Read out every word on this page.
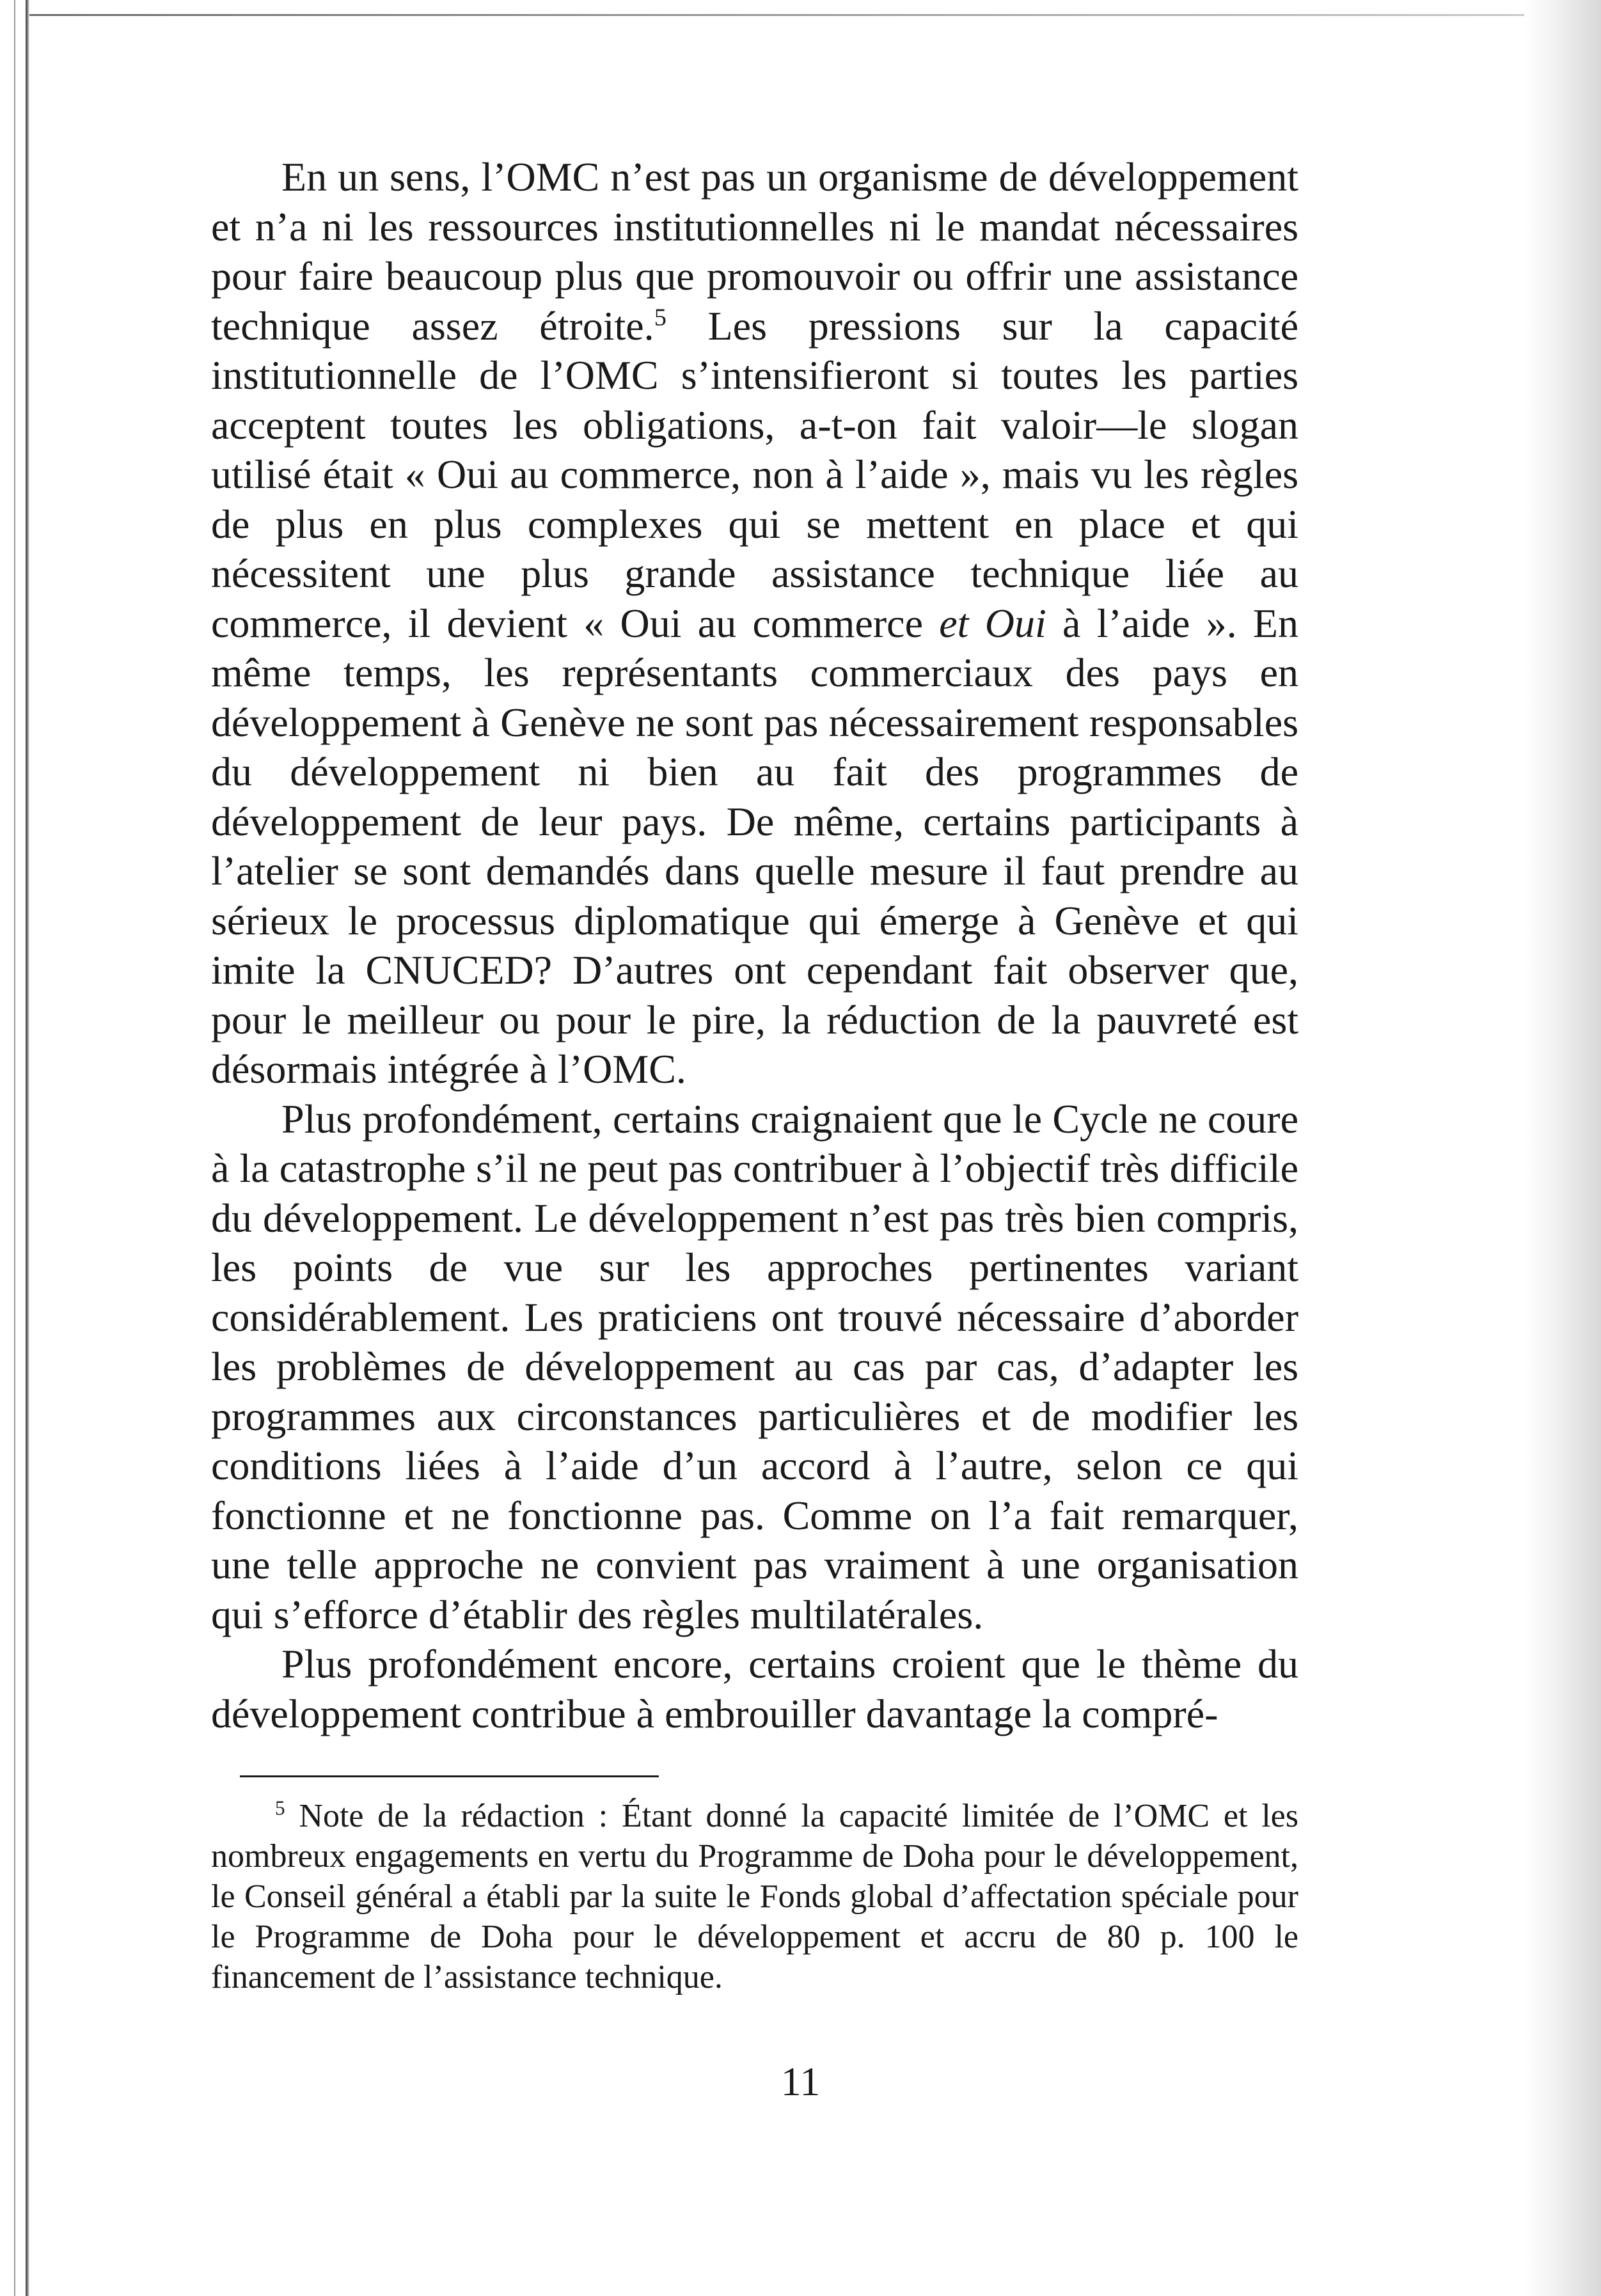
En un sens, l’OMC n’est pas un organisme de développement et n’a ni les ressources institutionnelles ni le mandat nécessaires pour faire beaucoup plus que promouvoir ou offrir une assistance technique assez étroite.$^5$ Les pressions sur la capacité institutionnelle de l’OMC s’intensifieront si toutes les parties acceptent toutes les obligations, a-t-on fait valoir—le slogan utilisé était « Oui au commerce, non à l’aide », mais vu les règles de plus en plus complexes qui se mettent en place et qui nécessitent une plus grande assistance technique liée au commerce, il devient « Oui au commerce et Oui à l’aide ». En même temps, les représentants commerciaux des pays en développement à Genève ne sont pas nécessairement responsables du développement ni bien au fait des programmes de développement de leur pays. De même, certains participants à l’atelier se sont demandés dans quelle mesure il faut prendre au sérieux le processus diplomatique qui émerge à Genève et qui imite la CNUCED? D’autres ont cependant fait observer que, pour le meilleur ou pour le pire, la réduction de la pauvreté est désormais intégrée à l’OMC.

Plus profondément, certains craignaient que le Cycle ne coure à la catastrophe s’il ne peut pas contribuer à l’objectif très difficile du développement. Le développement n’est pas très bien compris, les points de vue sur les approches pertinentes variant considérablement. Les praticiens ont trouvé nécessaire d’aborder les problèmes de développement au cas par cas, d’adapter les programmes aux circonstances particulières et de modifier les conditions liées à l’aide d’un accord à l’autre, selon ce qui fonctionne et ne fonctionne pas. Comme on l’a fait remarquer, une telle approche ne convient pas vraiment à une organisation qui s’efforce d’établir des règles multilatérales.

Plus profondément encore, certains croient que le thème du développement contribue à embrouiller davantage la compré-

$^5$ Note de la rédaction : Étant donné la capacité limitée de l’OMC et les nombreux engagements en vertu du Programme de Doha pour le développement, le Conseil général a établi par la suite le Fonds global d’affectation spéciale pour le Programme de Doha pour le développement et accru de 80 p. 100 le financement de l’assistance technique.

11
